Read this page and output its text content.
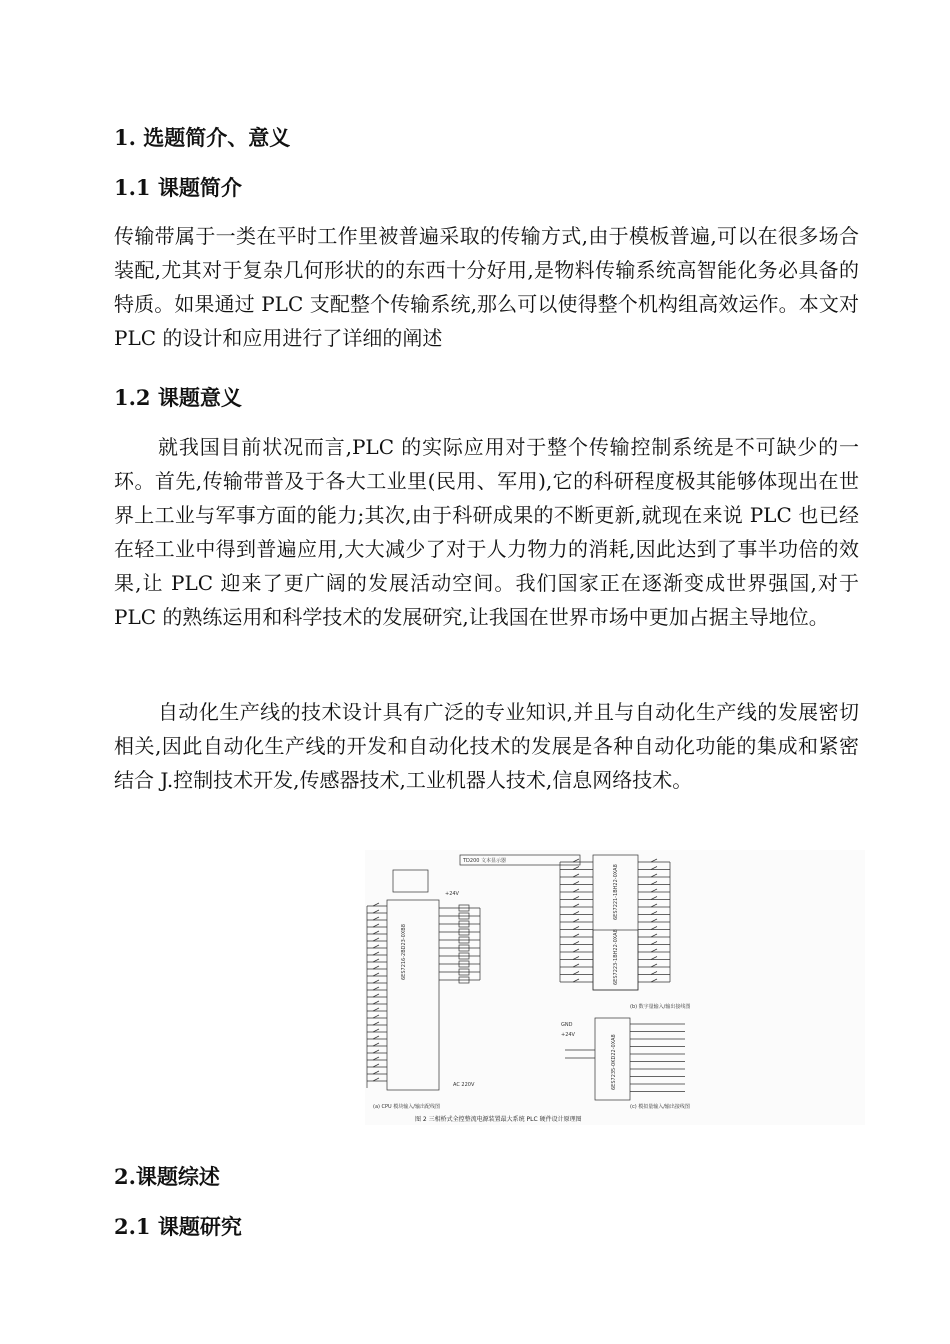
1. 选题简介、意义
1.1 课题简介

传输带属于一类在平时工作里被普遍采取的传输方式,由于模板普遍,可以在很多场合装配,尤其对于复杂几何形状的的东西十分好用,是物料传输系统高智能化务必具备的特质。如果通过 PLC 支配整个传输系统,那么可以使得整个机构组高效运作。本文对 PLC 的设计和应用进行了详细的阐述

1.2 课题意义

就我国目前状况而言,PLC 的实际应用对于整个传输控制系统是不可缺少的一环。首先,传输带普及于各大工业里(民用、军用),它的科研程度极其能够体现出在世界上工业与军事方面的能力;其次,由于科研成果的不断更新,就现在来说 PLC 也已经在轻工业中得到普遍应用,大大减少了对于人力物力的消耗,因此达到了事半功倍的效果,让 PLC 迎来了更广阔的发展活动空间。我们国家正在逐渐变成世界强国,对于 PLC 的熟练运用和科学技术的发展研究,让我国在世界市场中更加占据主导地位。

自动化生产线的技术设计具有广泛的专业知识,并且与自动化生产线的发展密切相关,因此自动化生产线的开发和自动化技术的发展是各种自动化功能的集成和紧密结合 J.控制技术开发,传感器技术,工业机器人技术,信息网络技术。

TD200 文本显示器
6ES7216-2BD23-0XB8
+24V
AC 220V
(a) CPU 模块输入/输出配线图
6ES7221-1BH22-0XA8
6ES7223-1BH22-0XA8
(b) 数字量输入/输出接线图
6ES7235-0KD22-0XA8
GND
+24V
(c) 模拟量输入/输出接线图
图 2 三相桥式全控整流电源装置最大系统 PLC 硬件设计原理图
2.课题综述
2.1 课题研究
